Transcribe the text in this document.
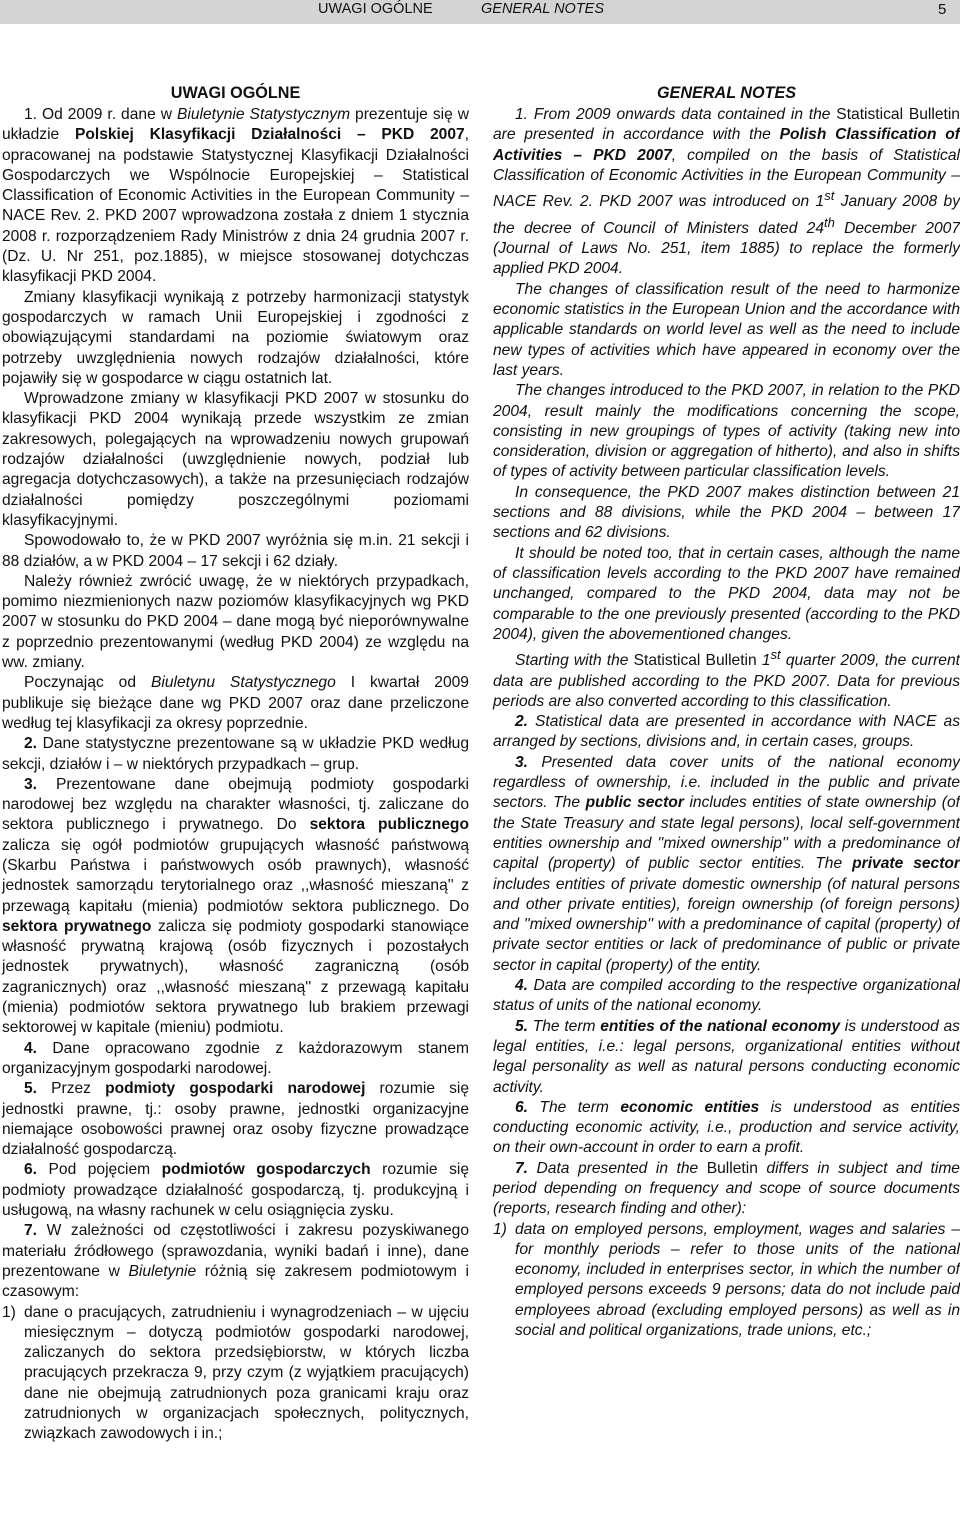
UWAGI OGÓLNE	GENERAL NOTES	5
UWAGI OGÓLNE

1. Od 2009 r. dane w Biuletynie Statystycznym prezentuje się w układzie Polskiej Klasyfikacji Działalności – PKD 2007, opracowanej na podstawie Statystycznej Klasyfikacji Działalności Gospodarczych we Wspólnocie Europejskiej – Statistical Classification of Economic Activities in the European Community – NACE Rev. 2. PKD 2007 wprowadzona została z dniem 1 stycznia 2008 r. rozporządzeniem Rady Ministrów z dnia 24 grudnia 2007 r. (Dz. U. Nr 251, poz.1885), w miejsce stosowanej dotychczas klasyfikacji PKD 2004.

Zmiany klasyfikacji wynikają z potrzeby harmonizacji statystyk gospodarczych w ramach Unii Europejskiej i zgodności z obowiązującymi standardami na poziomie światowym oraz potrzeby uwzględnienia nowych rodzajów działalności, które pojawiły się w gospodarce w ciągu ostatnich lat.

Wprowadzone zmiany w klasyfikacji PKD 2007 w stosunku do klasyfikacji PKD 2004 wynikają przede wszystkim ze zmian zakresowych, polegających na wprowadzeniu nowych grupowań rodzajów działalności (uwzględnienie nowych, podział lub agregacja dotychczasowych), a także na przesunięciach rodzajów działalności pomiędzy poszczególnymi poziomami klasyfikacyjnymi.

Spowodowało to, że w PKD 2007 wyróżnia się m.in. 21 sekcji i 88 działów, a w PKD 2004 – 17 sekcji i 62 działy.

Należy również zwrócić uwagę, że w niektórych przypadkach, pomimo niezmienionych nazw poziomów klasyfikacyjnych wg PKD 2007 w stosunku do PKD 2004 – dane mogą być nieporównywalne z poprzednio prezentowanymi (według PKD 2004) ze względu na ww. zmiany.

Poczynając od Biuletynu Statystycznego I kwartał 2009 publikuje się bieżące dane wg PKD 2007 oraz dane przeliczone według tej klasyfikacji za okresy poprzednie.

2. Dane statystyczne prezentowane są w układzie PKD według sekcji, działów i – w niektórych przypadkach – grup.

3. Prezentowane dane obejmują podmioty gospodarki narodowej bez względu na charakter własności, tj. zaliczane do sektora publicznego i prywatnego. Do sektora publicznego zalicza się ogół podmiotów grupujących własność państwową (Skarbu Państwa i państwowych osób prawnych), własność jednostek samorządu terytorialnego oraz ,,własność mieszaną'' z przewagą kapitału (mienia) podmiotów sektora publicznego. Do sektora prywatnego zalicza się podmioty gospodarki stanowiące własność prywatną krajową (osób fizycznych i pozostałych jednostek prywatnych), własność zagraniczną (osób zagranicznych) oraz ,,własność mieszaną'' z przewagą kapitału (mienia) podmiotów sektora prywatnego lub brakiem przewagi sektorowej w kapitale (mieniu) podmiotu.

4. Dane opracowano zgodnie z każdorazowym stanem organizacyjnym gospodarki narodowej.

5. Przez podmioty gospodarki narodowej rozumie się jednostki prawne, tj.: osoby prawne, jednostki organizacyjne niemające osobowości prawnej oraz osoby fizyczne prowadzące działalność gospodarczą.

6. Pod pojęciem podmiotów gospodarczych rozumie się podmioty prowadzące działalność gospodarczą, tj. produkcyjną i usługową, na własny rachunek w celu osiągnięcia zysku.

7. W zależności od częstotliwości i zakresu pozyskiwanego materiału źródłowego (sprawozdania, wyniki badań i inne), dane prezentowane w Biuletynie różnią się zakresem podmiotowym i czasowym:

1) dane o pracujących, zatrudnieniu i wynagrodzeniach – w ujęciu miesięcznym – dotyczą podmiotów gospodarki narodowej, zaliczanych do sektora przedsiębiorstw, w których liczba pracujących przekracza 9, przy czym (z wyjątkiem pracujących) dane nie obejmują zatrudnionych poza granicami kraju oraz zatrudnionych w organizacjach społecznych, politycznych, związkach zawodowych i in.;
GENERAL NOTES

1. From 2009 onwards data contained in the Statistical Bulletin are presented in accordance with the Polish Classification of Activities – PKD 2007, compiled on the basis of Statistical Classification of Economic Activities in the European Community – NACE Rev. 2. PKD 2007 was introduced on 1st January 2008 by the decree of Council of Ministers dated 24th December 2007 (Journal of Laws No. 251, item 1885) to replace the formerly applied PKD 2004.

The changes of classification result of the need to harmonize economic statistics in the European Union and the accordance with applicable standards on world level as well as the need to include new types of activities which have appeared in economy over the last years.

The changes introduced to the PKD 2007, in relation to the PKD 2004, result mainly the modifications concerning the scope, consisting in new groupings of types of activity (taking new into consideration, division or aggregation of hitherto), and also in shifts of types of activity between particular classification levels.

In consequence, the PKD 2007 makes distinction between 21 sections and 88 divisions, while the PKD 2004 – between 17 sections and 62 divisions.

It should be noted too, that in certain cases, although the name of classification levels according to the PKD 2007 have remained unchanged, compared to the PKD 2004, data may not be comparable to the one previously presented (according to the PKD 2004), given the abovementioned changes.

Starting with the Statistical Bulletin 1st quarter 2009, the current data are published according to the PKD 2007. Data for previous periods are also converted according to this classification.

2. Statistical data are presented in accordance with NACE as arranged by sections, divisions and, in certain cases, groups.

3. Presented data cover units of the national economy regardless of ownership, i.e. included in the public and private sectors. The public sector includes entities of state ownership (of the State Treasury and state legal persons), local self-government entities ownership and ''mixed ownership'' with a predominance of capital (property) of public sector entities. The private sector includes entities of private domestic ownership (of natural persons and other private entities), foreign ownership (of foreign persons) and ''mixed ownership'' with a predominance of capital (property) of private sector entities or lack of predominance of public or private sector in capital (property) of the entity.

4. Data are compiled according to the respective organizational status of units of the national economy.

5. The term entities of the national economy is understood as legal entities, i.e.: legal persons, organizational entities without legal personality as well as natural persons conducting economic activity.

6. The term economic entities is understood as entities conducting economic activity, i.e., production and service activity, on their own-account in order to earn a profit.

7. Data presented in the Bulletin differs in subject and time period depending on frequency and scope of source documents (reports, research finding and other):

1) data on employed persons, employment, wages and salaries – for monthly periods – refer to those units of the national economy, included in enterprises sector, in which the number of employed persons exceeds 9 persons; data do not include paid employees abroad (excluding employed persons) as well as in social and political organizations, trade unions, etc.;
